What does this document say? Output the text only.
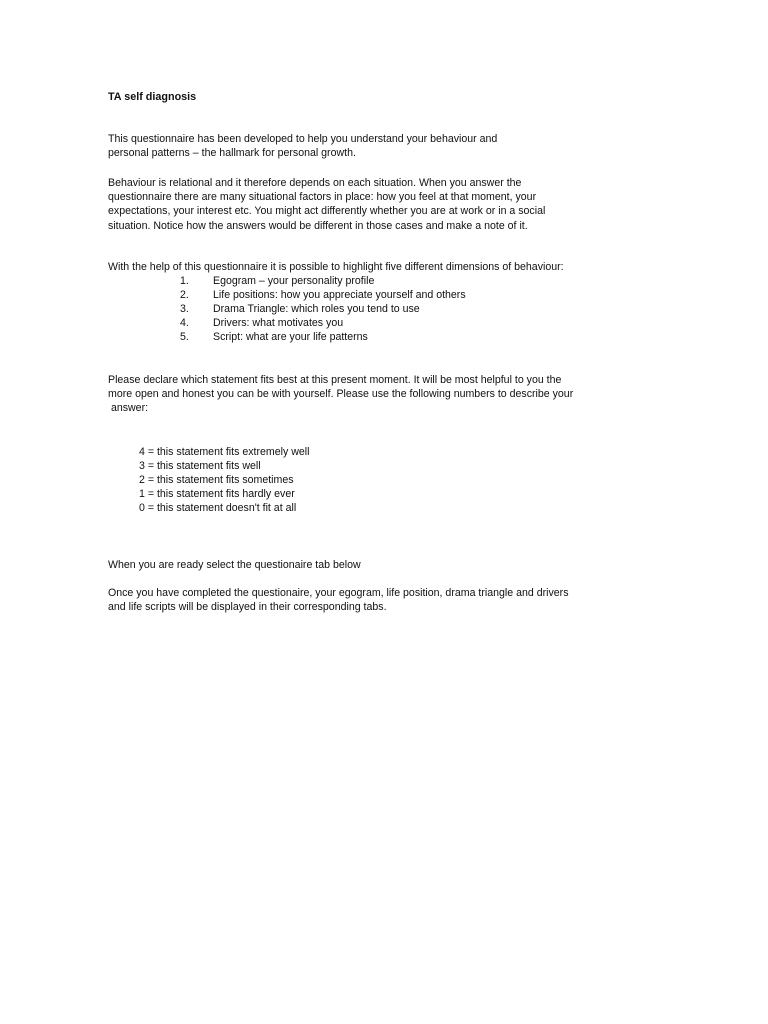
TA self diagnosis
This questionnaire has been developed to help you understand your behaviour and
personal patterns – the hallmark for personal growth.
Behaviour is relational and it therefore depends on each situation. When you answer the
questionnaire there are many situational factors in place: how you feel at that moment, your
expectations, your interest etc. You might act differently whether you are at work or in a social
situation. Notice how the answers would be different in those cases and make a note of it.
With the help of this questionnaire it is possible to highlight five different dimensions of behaviour:
1.	Egogram – your personality profile
2.	Life positions: how you appreciate yourself and others
3.	Drama Triangle: which roles you tend to use
4.	Drivers: what motivates you
5.	Script: what are your life patterns
Please declare which statement fits best at this present moment. It will be most helpful to you the
more open and honest you can be with yourself. Please use the following numbers to describe your
answer:
4 = this statement fits extremely well
3 = this statement fits well
2 = this statement fits sometimes
1 = this statement fits hardly ever
0 = this statement doesn't fit at all
When you are ready select the questionaire tab below
Once you have completed the questionaire, your egogram, life position, drama triangle and drivers
and life scripts will be displayed in their corresponding tabs.
